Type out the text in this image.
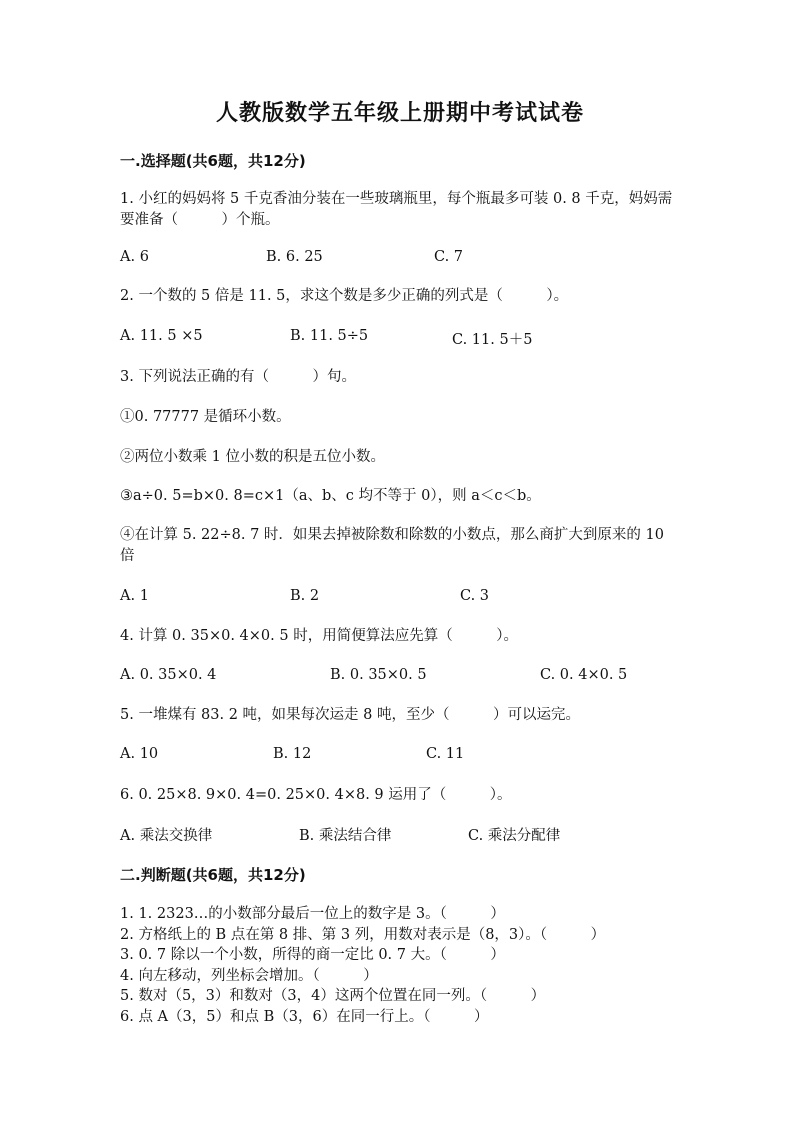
人教版数学五年级上册期中考试试卷
一.选择题(共6题，共12分)
1. 小红的妈妈将 5 千克香油分装在一些玻璃瓶里，每个瓶最多可装 0. 8 千克，妈妈需要准备（　　　）个瓶。
A. 6	B. 6. 25	C. 7
2. 一个数的 5 倍是 11. 5，求这个数是多少正确的列式是（　　　）。
A. 11. 5 ×5	B. 11. 5÷5	C. 11. 5＋5
3. 下列说法正确的有（　　　）句。
①0. 77777 是循环小数。
②两位小数乘 1 位小数的积是五位小数。
③a÷0. 5=b×0. 8=c×1（a、b、c 均不等于 0），则 a＜c＜b。
④在计算 5. 22÷8. 7 时．如果去掉被除数和除数的小数点，那么商扩大到原来的 10 倍
A. 1	B. 2	C. 3
4. 计算 0. 35×0. 4×0. 5 时，用简便算法应先算（　　　）。
A. 0. 35×0. 4	B. 0. 35×0. 5	C. 0. 4×0. 5
5. 一堆煤有 83. 2 吨，如果每次运走 8 吨，至少（　　　）可以运完。
A. 10	B. 12	C. 11
6. 0. 25×8. 9×0. 4=0. 25×0. 4×8. 9 运用了（　　　）。
A. 乘法交换律	B. 乘法结合律	C. 乘法分配律
二.判断题(共6题，共12分)
1. 1. 2323…的小数部分最后一位上的数字是 3。（　　　）
2. 方格纸上的 B 点在第 8 排、第 3 列，用数对表示是（8，3）。（　　　）
3. 0. 7 除以一个小数，所得的商一定比 0. 7 大。（　　　）
4. 向左移动，列坐标会增加。（　　　）
5. 数对（5，3）和数对（3，4）这两个位置在同一列。（　　　）
6. 点 A（3，5）和点 B（3，6）在同一行上。（　　　）
